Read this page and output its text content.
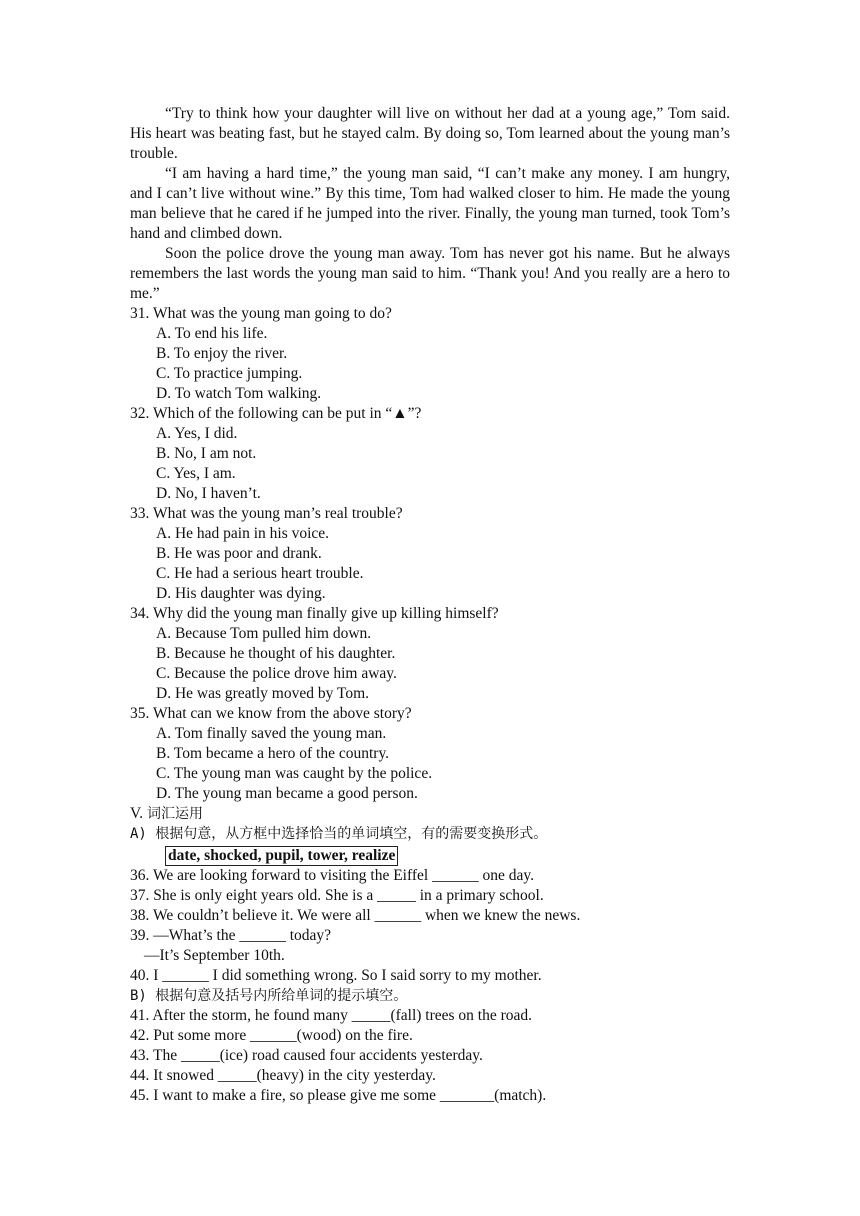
“Try to think how your daughter will live on without her dad at a young age,” Tom said. His heart was beating fast, but he stayed calm. By doing so, Tom learned about the young man’s trouble.

“I am having a hard time,” the young man said, “I can’t make any money. I am hungry, and I can’t live without wine.” By this time, Tom had walked closer to him. He made the young man believe that he cared if he jumped into the river. Finally, the young man turned, took Tom’s hand and climbed down.

Soon the police drove the young man away. Tom has never got his name. But he always remembers the last words the young man said to him. “Thank you! And you really are a hero to me.”

31. What was the young man going to do?

A. To end his life.

B. To enjoy the river.

C. To practice jumping.

D. To watch Tom walking.

32. Which of the following can be put in “▲”?

A. Yes, I did.

B. No, I am not.

C. Yes, I am.

D. No, I haven’t.

33. What was the young man’s real trouble?

A. He had pain in his voice.

B. He was poor and drank.

C. He had a serious heart trouble.

D. His daughter was dying.

34. Why did the young man finally give up killing himself?

A. Because Tom pulled him down.

B. Because he thought of his daughter.

C. Because the police drove him away.

D. He was greatly moved by Tom.

35. What can we know from the above story?

A. Tom finally saved the young man.

B. Tom became a hero of the country.

C. The young man was caught by the police.

D. The young man became a good person.

V. 词汇运用

A) 根据句意，从方框中选择恰当的单词填空，有的需要变换形式。

date, shocked, pupil, tower, realize

36. We are looking forward to visiting the Eiffel ______ one day.

37. She is only eight years old. She is a _____ in a primary school.

38. We couldn’t believe it. We were all ______ when we knew the news.

39. —What’s the ______ today?

—It’s September 10th.

40. I ______ I did something wrong. So I said sorry to my mother.

B) 根据句意及括号内所给单词的提示填空。

41. After the storm, he found many _____(fall) trees on the road.

42. Put some more ______(wood) on the fire.

43. The _____(ice) road caused four accidents yesterday.

44. It snowed _____(heavy) in the city yesterday.

45. I want to make a fire, so please give me some _______(match).
